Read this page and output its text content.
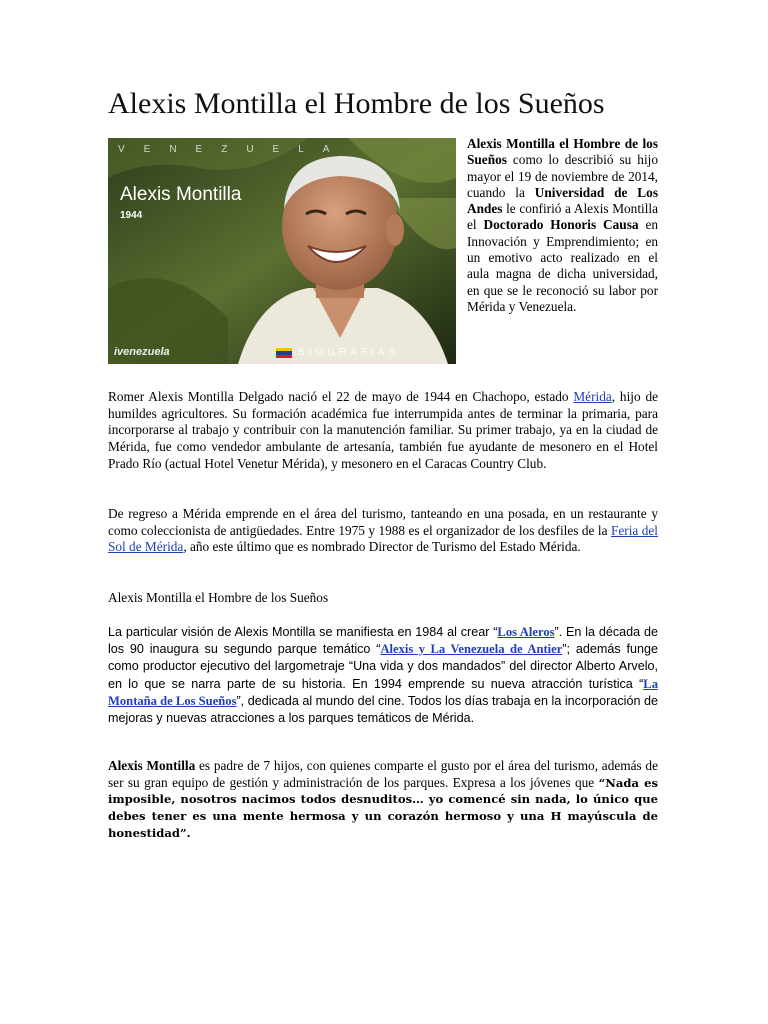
Alexis Montilla el Hombre de los Sueños
VENEZUELA
Alexis Montilla
1944
ivenezuela	BIOGRAFÍAS

Alexis Montilla el Hombre de los Sueños como lo describió su hijo mayor el 19 de noviembre de 2014, cuando la Universidad de Los Andes le confirió a Alexis Montilla el Doctorado Honoris Causa en Innovación y Emprendimiento; en un emotivo acto realizado en el aula magna de dicha universidad, en que se le reconoció su labor por Mérida y Venezuela.

Romer Alexis Montilla Delgado nació el 22 de mayo de 1944 en Chachopo, estado Mérida, hijo de humildes agricultores. Su formación académica fue interrumpida antes de terminar la primaria, para incorporarse al trabajo y contribuir con la manutención familiar. Su primer trabajo, ya en la ciudad de Mérida, fue como vendedor ambulante de artesanía, también fue ayudante de mesonero en el Hotel Prado Río (actual Hotel Venetur Mérida), y mesonero en el Caracas Country Club.

De regreso a Mérida emprende en el área del turismo, tanteando en una posada, en un restaurante y como coleccionista de antigüedades. Entre 1975 y 1988 es el organizador de los desfiles de la Feria del Sol de Mérida, año este último que es nombrado Director de Turismo del Estado Mérida.

Alexis Montilla el Hombre de los Sueños

La particular visión de Alexis Montilla se manifiesta en 1984 al crear “Los Aleros”. En la década de los 90 inaugura su segundo parque temático “Alexis y La Venezuela de Antier”; además funge como productor ejecutivo del largometraje “Una vida y dos mandados” del director Alberto Arvelo, en lo que se narra parte de su historia. En 1994 emprende su nueva atracción turística “La Montaña de Los Sueños”, dedicada al mundo del cine. Todos los días trabaja en la incorporación de mejoras y nuevas atracciones a los parques temáticos de Mérida.

Alexis Montilla es padre de 7 hijos, con quienes comparte el gusto por el área del turismo, además de ser su gran equipo de gestión y administración de los parques. Expresa a los jóvenes que “Nada es imposible, nosotros nacimos todos desnuditos… yo comencé sin nada, lo único que debes tener es una mente hermosa y un corazón hermoso y una H mayúscula de honestidad”.
